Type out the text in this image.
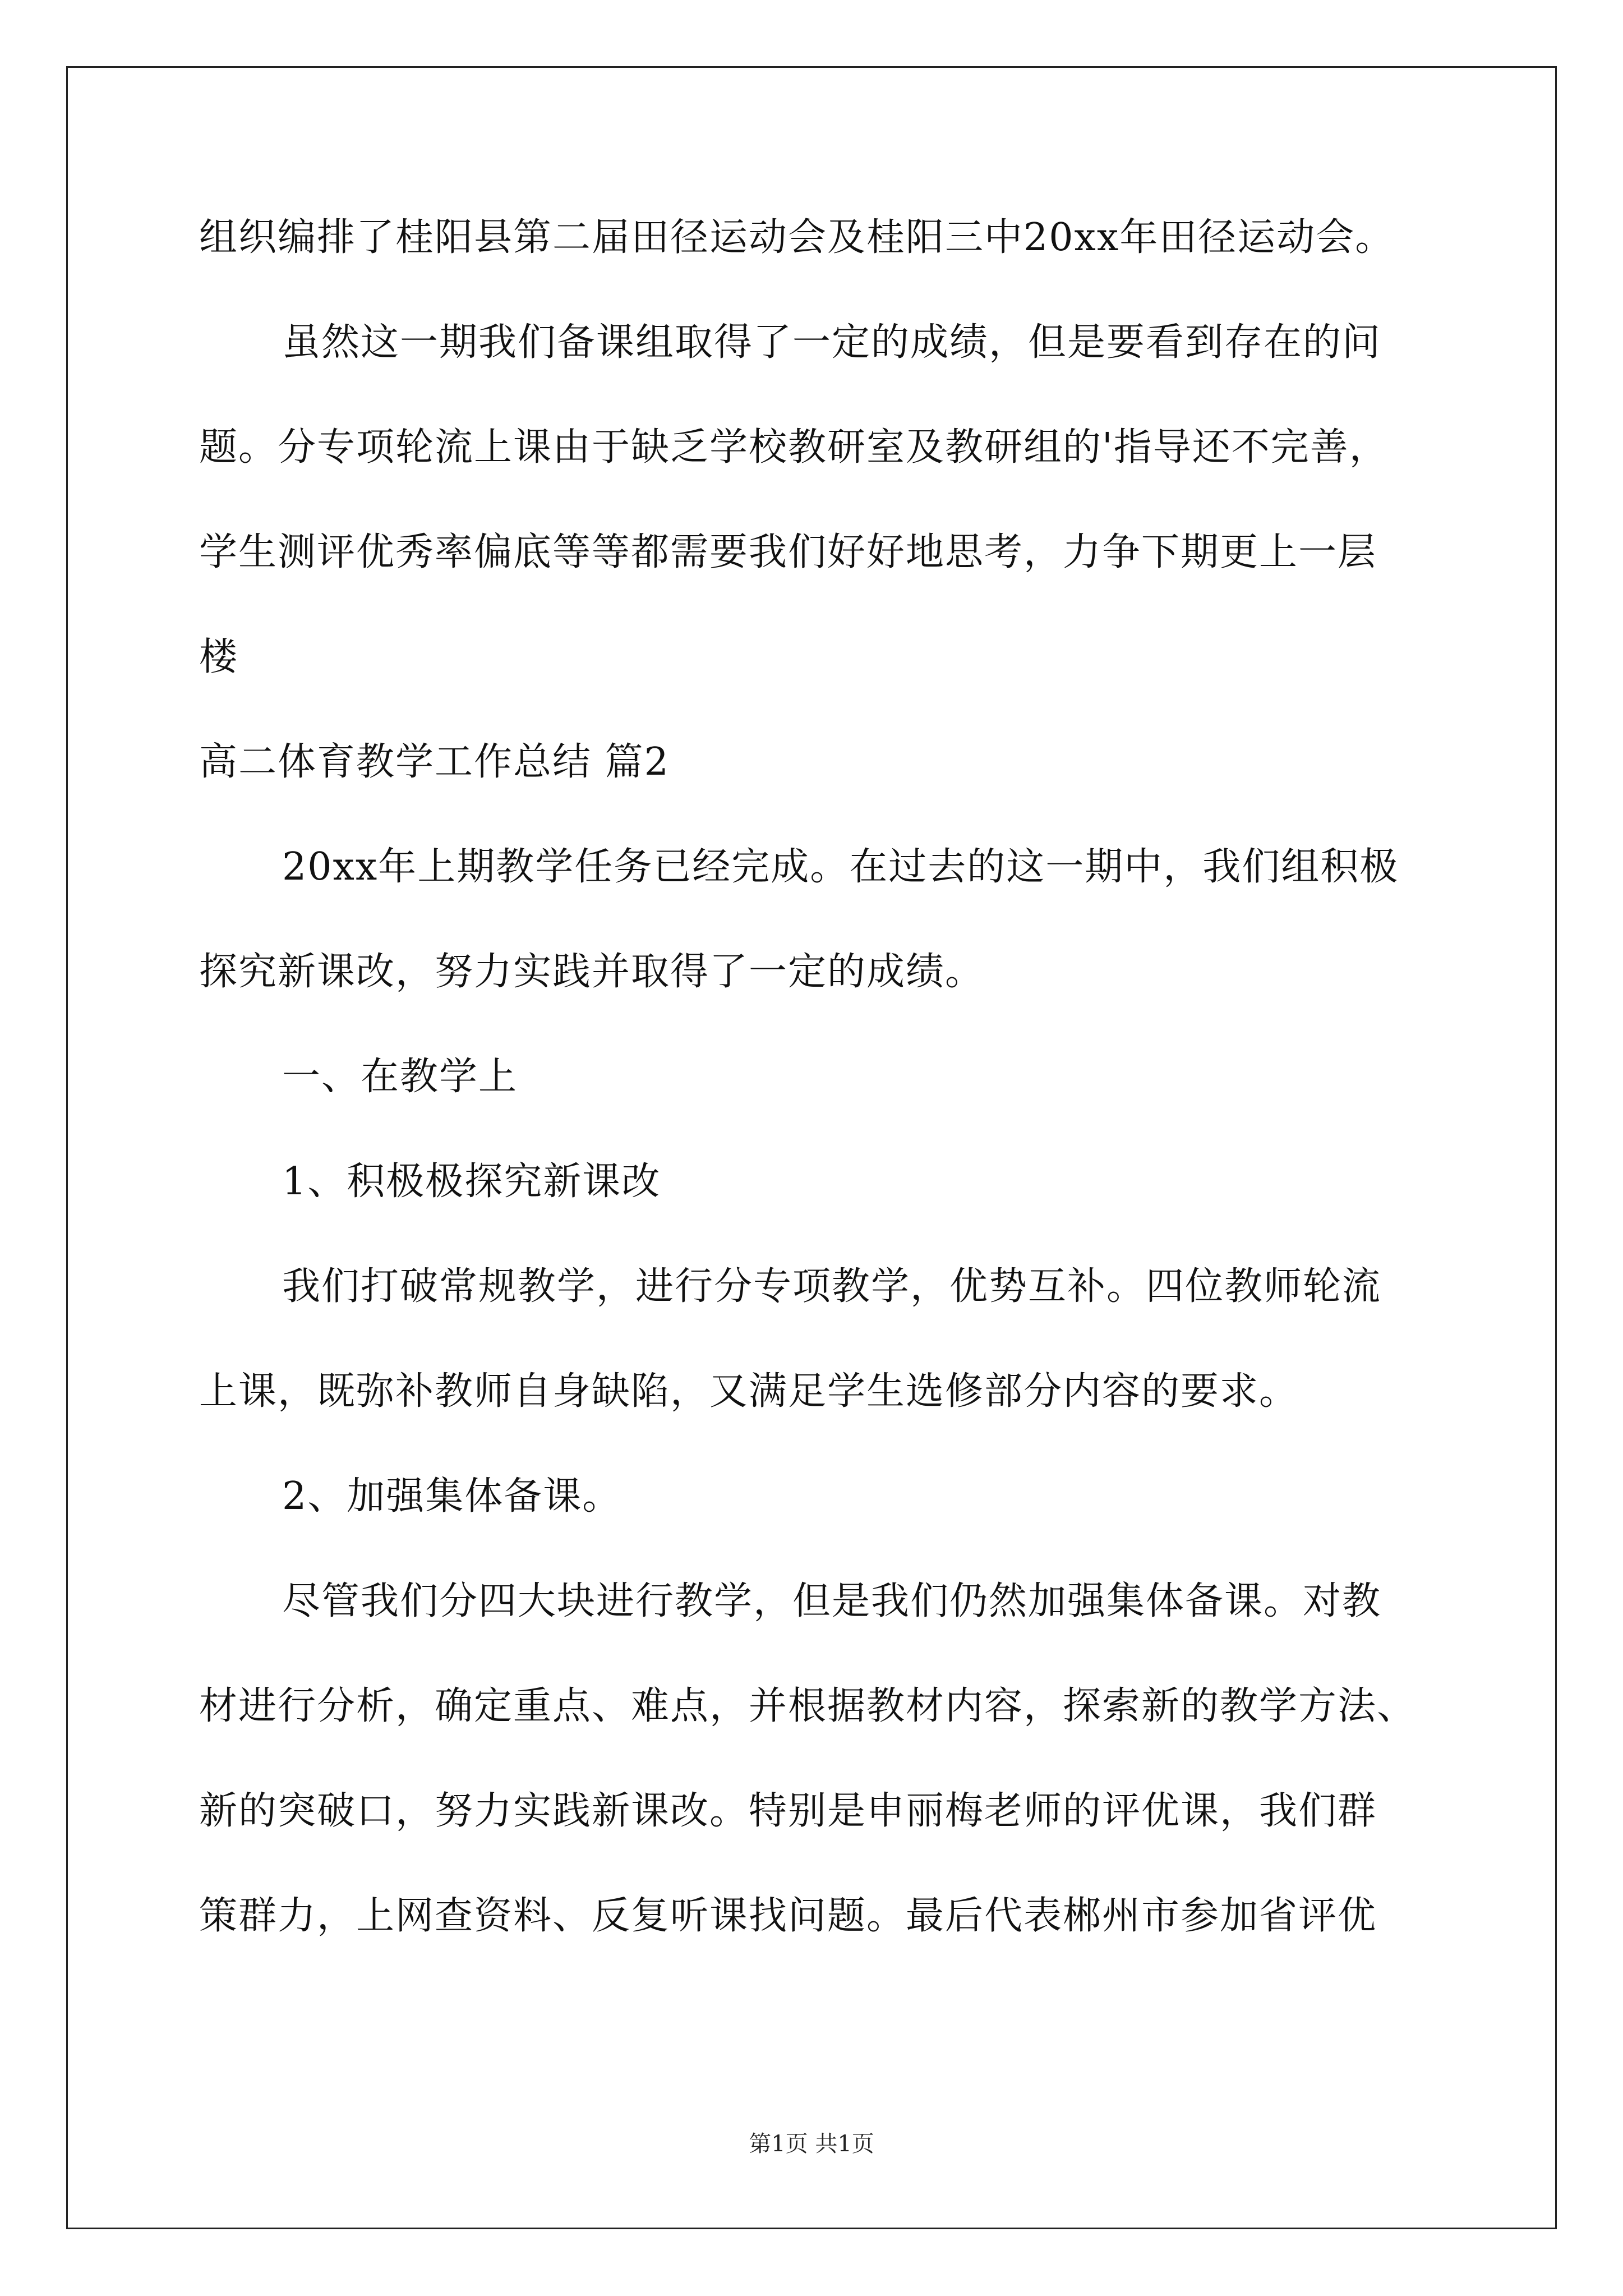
组织编排了桂阳县第二届田径运动会及桂阳三中20xx年田径运动会。
虽然这一期我们备课组取得了一定的成绩，但是要看到存在的问
题。分专项轮流上课由于缺乏学校教研室及教研组的'指导还不完善，
学生测评优秀率偏底等等都需要我们好好地思考，力争下期更上一层
楼
高二体育教学工作总结 篇2
20xx年上期教学任务已经完成。在过去的这一期中，我们组积极
探究新课改，努力实践并取得了一定的成绩。
一、在教学上
1、积极极探究新课改
我们打破常规教学，进行分专项教学，优势互补。四位教师轮流
上课，既弥补教师自身缺陷，又满足学生选修部分内容的要求。
2、加强集体备课。
尽管我们分四大块进行教学，但是我们仍然加强集体备课。对教
材进行分析，确定重点、难点，并根据教材内容，探索新的教学方法、
新的突破口，努力实践新课改。特别是申丽梅老师的评优课，我们群
策群力，上网查资料、反复听课找问题。最后代表郴州市参加省评优
第1页 共1页
